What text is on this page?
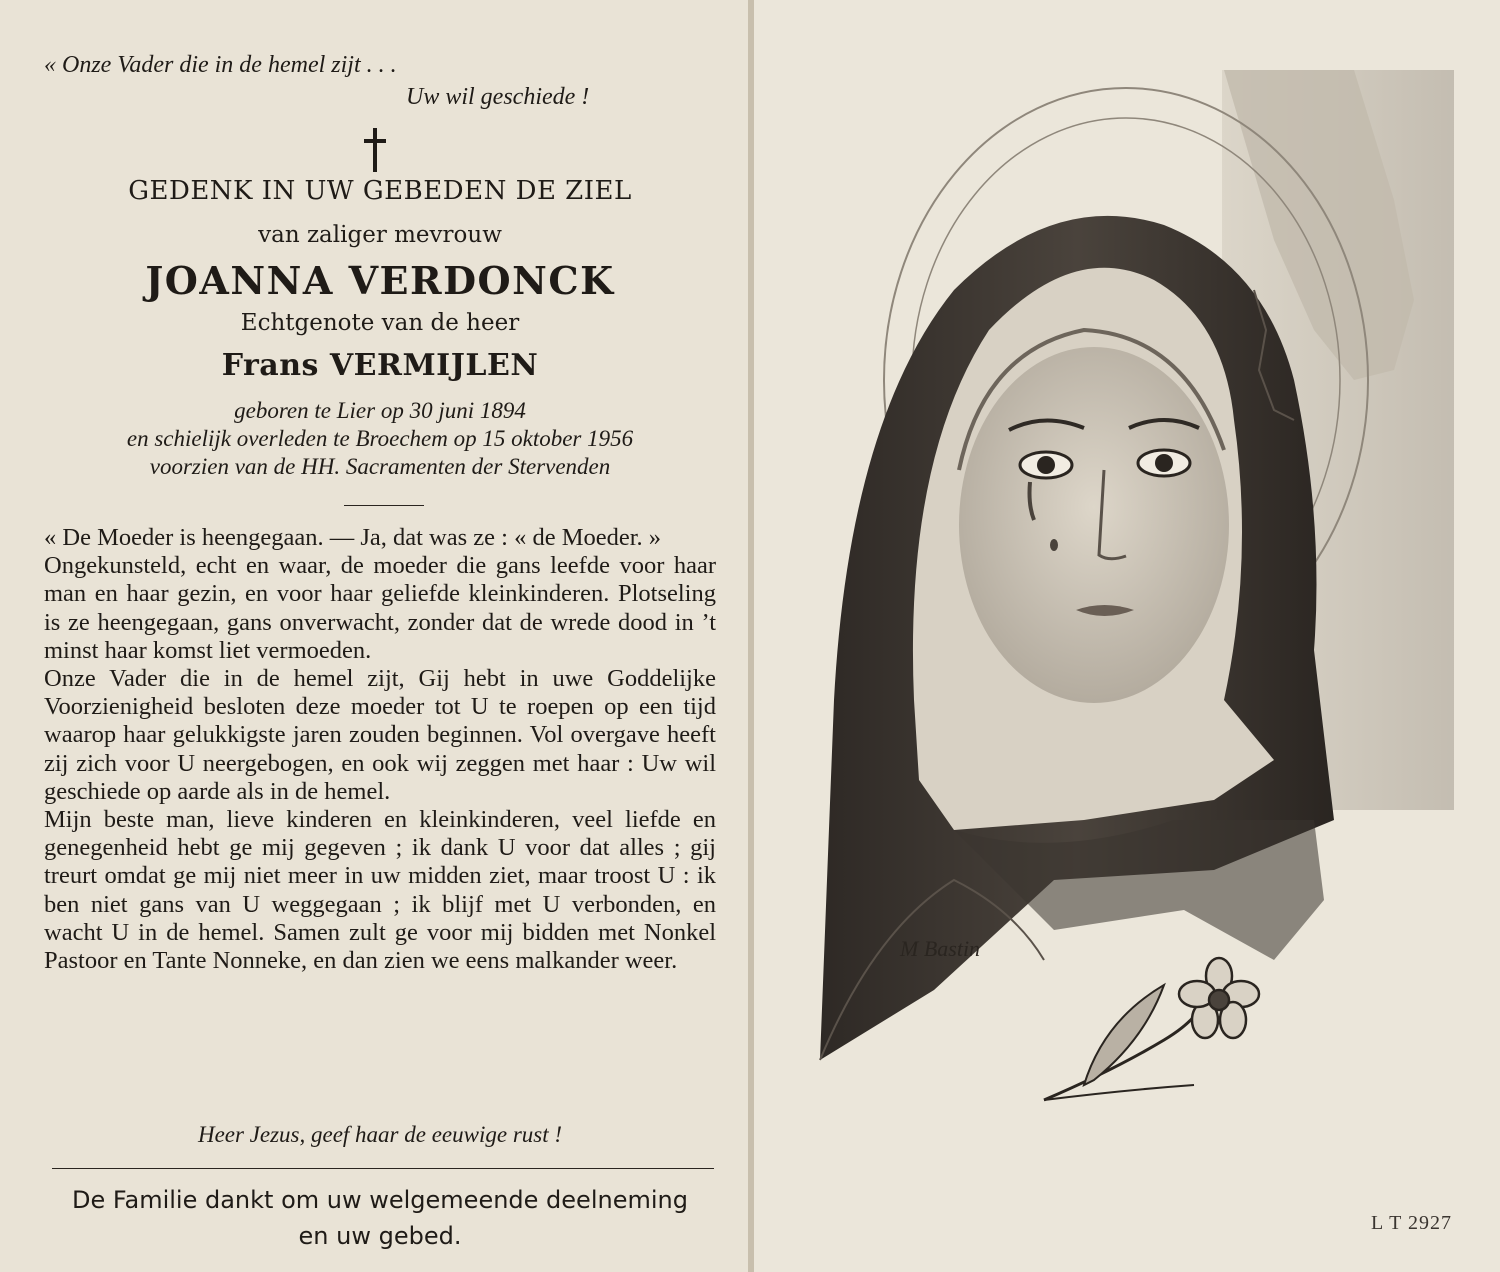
« Onze Vader die in de hemel zijt . . .
Uw wil geschiede !
GEDENK IN UW GEBEDEN DE ZIEL
van zaliger mevrouw
JOANNA VERDONCK
Echtgenote van de heer
Frans VERMIJLEN
geboren te Lier op 30 juni 1894
en schielijk overleden te Broechem op 15 oktober 1956
voorzien van de HH. Sacramenten der Stervenden

« De Moeder is heengegaan. — Ja, dat was ze : « de Moeder. »

Ongekunsteld, echt en waar, de moeder die gans leefde voor haar man en haar gezin, en voor haar geliefde kleinkinderen. Plotseling is ze heengegaan, gans onverwacht, zonder dat de wrede dood in ’t minst haar komst liet vermoeden.

Onze Vader die in de hemel zijt, Gij hebt in uwe Goddelijke Voorzienigheid besloten deze moeder tot U te roepen op een tijd waarop haar gelukkigste jaren zouden beginnen. Vol overgave heeft zij zich voor U neergebogen, en ook wij zeggen met haar : Uw wil geschiede op aarde als in de hemel.

Mijn beste man, lieve kinderen en kleinkinderen, veel liefde en genegenheid hebt ge mij gegeven ; ik dank U voor dat alles ; gij treurt omdat ge mij niet meer in uw midden ziet, maar troost U : ik ben niet gans van U weggegaan ; ik blijf met U verbonden, en wacht U in de hemel. Samen zult ge voor mij bidden met Nonkel Pastoor en Tante Nonneke, en dan zien we eens malkander weer.

Heer Jezus, geef haar de eeuwige rust !
De Familie dankt om uw welgemeende deelneming
en uw gebed.
M Bastin
L T 2927
